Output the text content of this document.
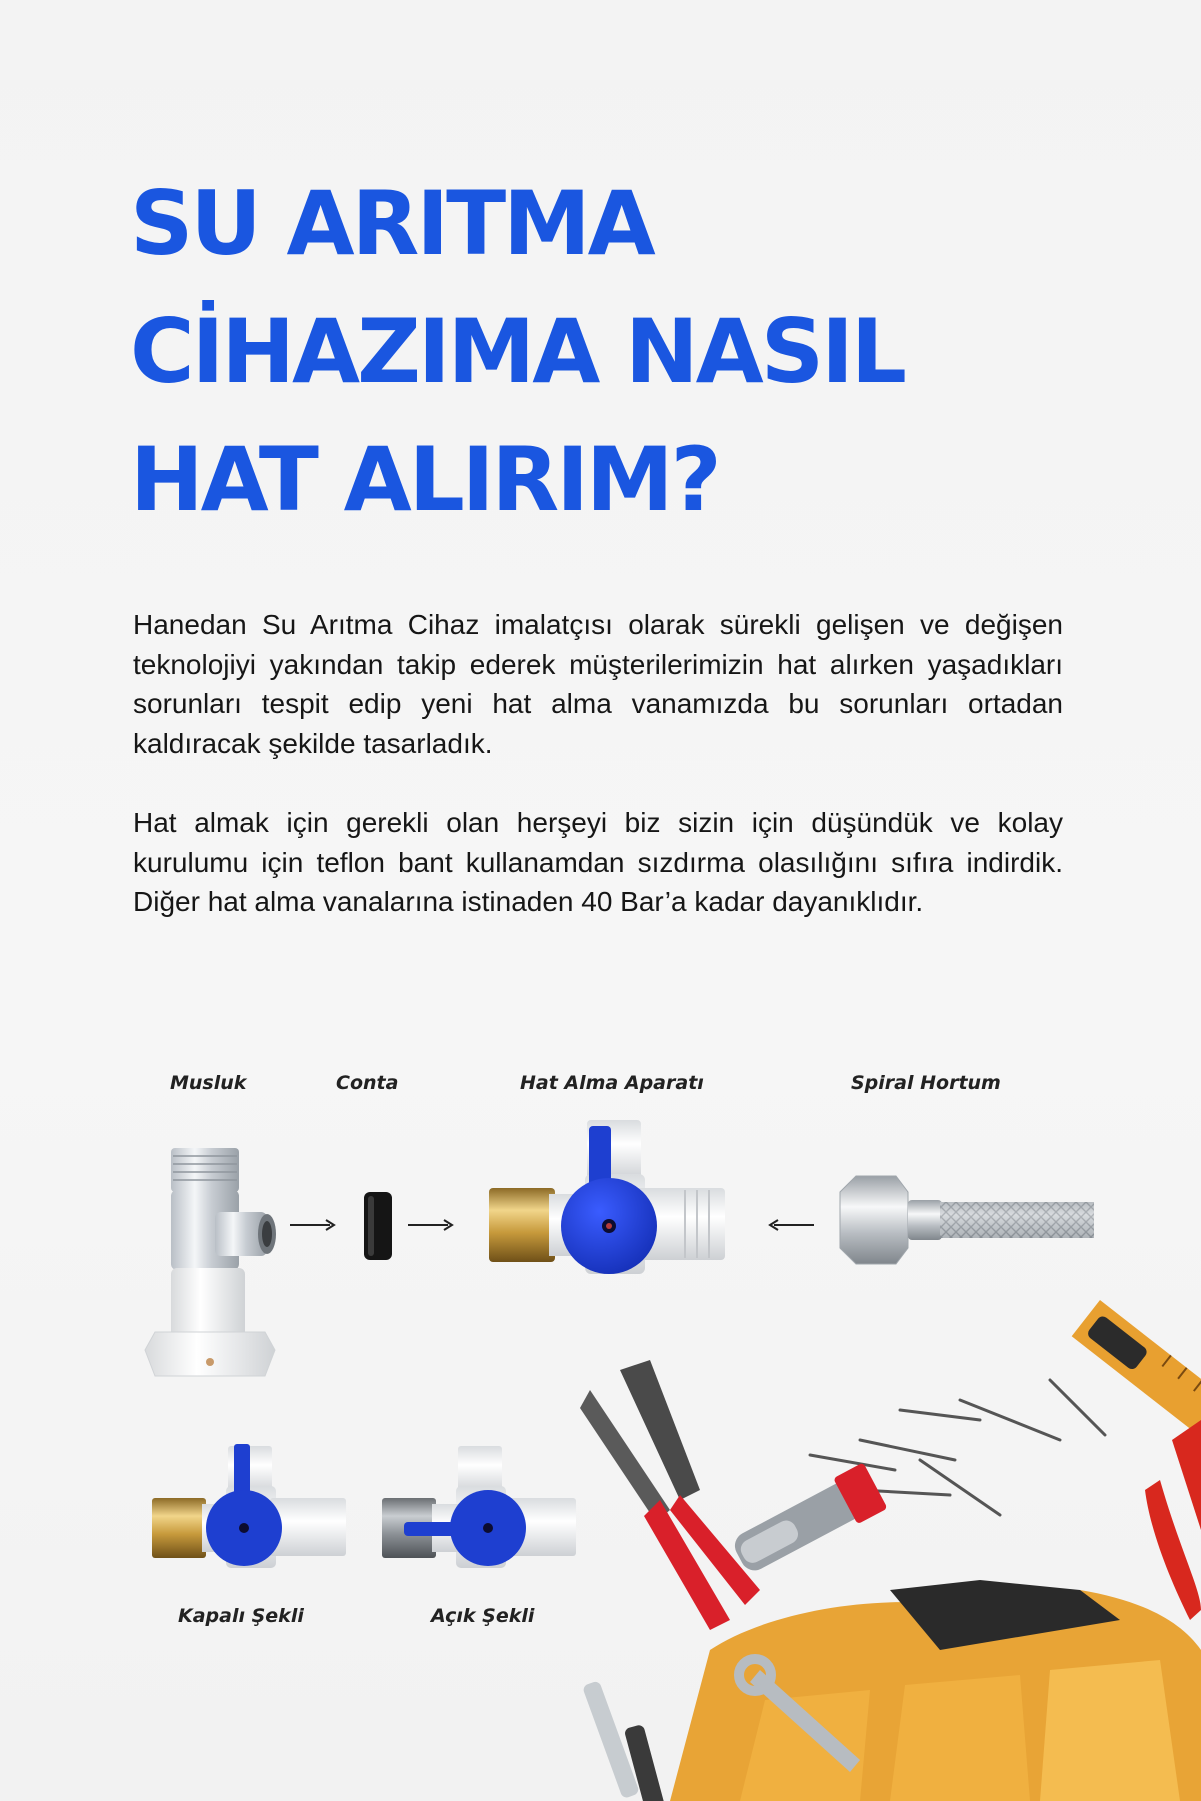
SU ARITMA
CİHAZIMA NASIL
HAT ALIRIM?

Hanedan Su Arıtma Cihaz imalatçısı olarak sürekli gelişen ve değişen teknolojiyi yakından takip ederek müşterilerimizin hat alırken yaşadıkları sorunları tespit edip yeni hat alma vanamızda bu sorunları ortadan kaldıracak şekilde tasarladık.

Hat almak için gerekli olan herşeyi biz sizin için düşündük ve kolay kurulumu için teflon bant kullanamdan sızdırma olasılığını sıfıra indirdik. Diğer hat alma vanalarına istinaden 40 Bar’a kadar dayanıklıdır.

Musluk	Conta	Hat Alma Aparatı	Spiral Hortum
Kapalı Şekli	Açık Şekli
